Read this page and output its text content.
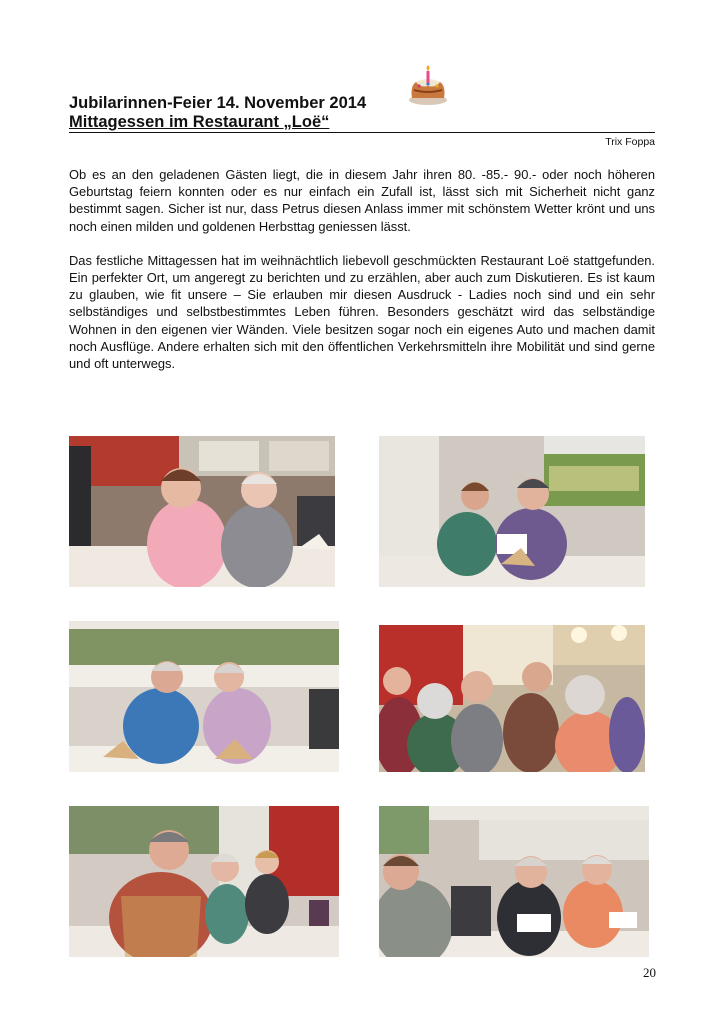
Jubilarinnen-Feier 14. November 2014
Mittagessen im Restaurant „Loë“
Trix Foppa

Ob es an den geladenen Gästen liegt, die in diesem Jahr ihren 80. -85.- 90.- oder noch höheren Geburtstag feiern konnten oder es nur einfach ein Zufall ist, lässt sich mit Sicherheit nicht ganz bestimmt sagen. Sicher ist nur, dass Petrus diesen Anlass immer mit schönstem Wetter krönt und uns noch einen milden und goldenen Herbsttag geniessen lässt.

Das festliche Mittagessen hat im weihnächtlich liebevoll geschmückten Restaurant Loë stattgefunden. Ein perfekter Ort, um angeregt zu berichten und zu erzählen, aber auch zum Diskutieren. Es ist kaum zu glauben, wie fit unsere – Sie erlauben mir diesen Ausdruck - Ladies noch sind und ein sehr selbständiges und selbstbestimmtes Leben führen. Besonders geschätzt wird das selbständige Wohnen in den eigenen vier Wänden. Viele besitzen sogar noch ein eigenes Auto und machen damit noch Ausflüge. Andere erhalten sich mit den öffentlichen Verkehrsmitteln ihre Mobilität und sind gerne und oft unterwegs.

20
